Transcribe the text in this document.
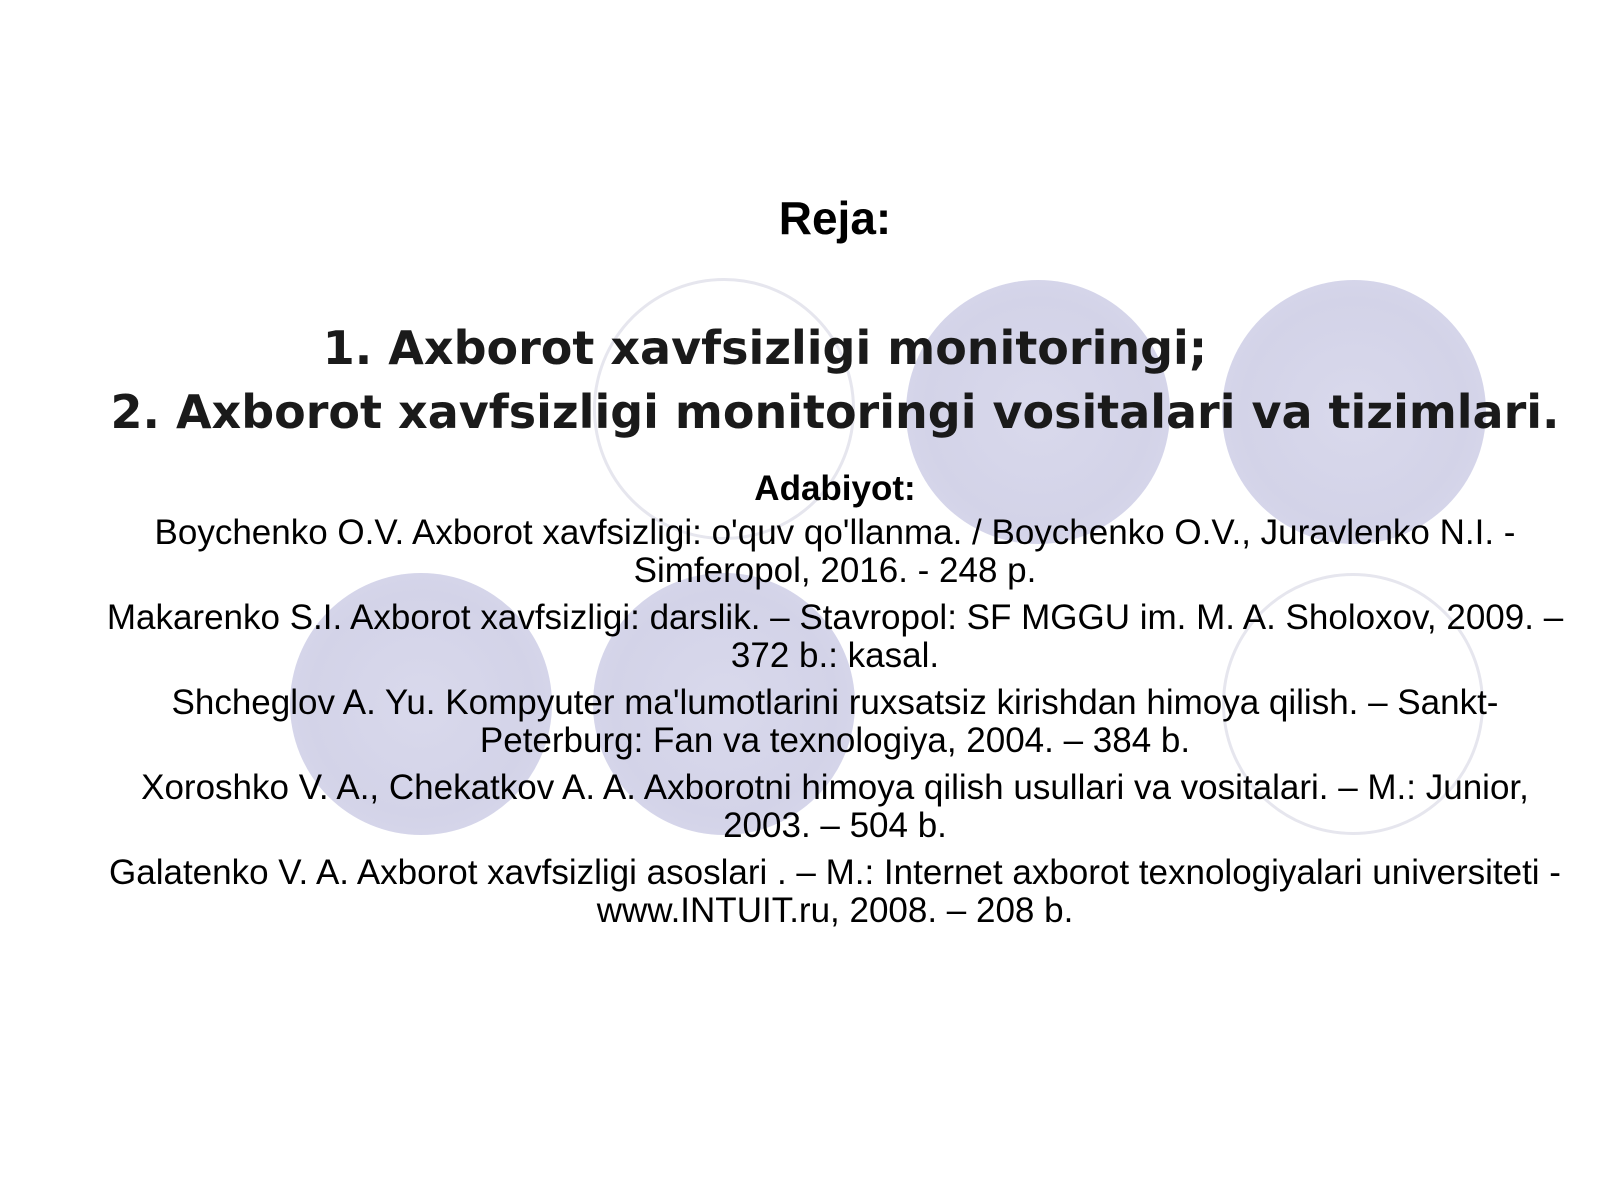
Reja:
1. Axborot xavfsizligi monitoringi;
2. Axborot xavfsizligi monitoringi vositalari va tizimlari.
Adabiyot:
Boychenko O.V. Axborot xavfsizligi: o'quv qo'llanma. / Boychenko O.V., Juravlenko N.I. - Simferopol, 2016. - 248 p.
Makarenko S.I. Axborot xavfsizligi: darslik. – Stavropol: SF MGGU im. M. A. Sholoxov, 2009. – 372 b.: kasal.
Shcheglov A. Yu. Kompyuter ma'lumotlarini ruxsatsiz kirishdan himoya qilish. – Sankt-Peterburg: Fan va texnologiya, 2004. – 384 b.
Xoroshko V. A., Chekatkov A. A. Axborotni himoya qilish usullari va vositalari. – M.: Junior, 2003. – 504 b.
Galatenko V. A. Axborot xavfsizligi asoslari . – M.: Internet axborot texnologiyalari universiteti - www.INTUIT.ru, 2008. – 208 b.
